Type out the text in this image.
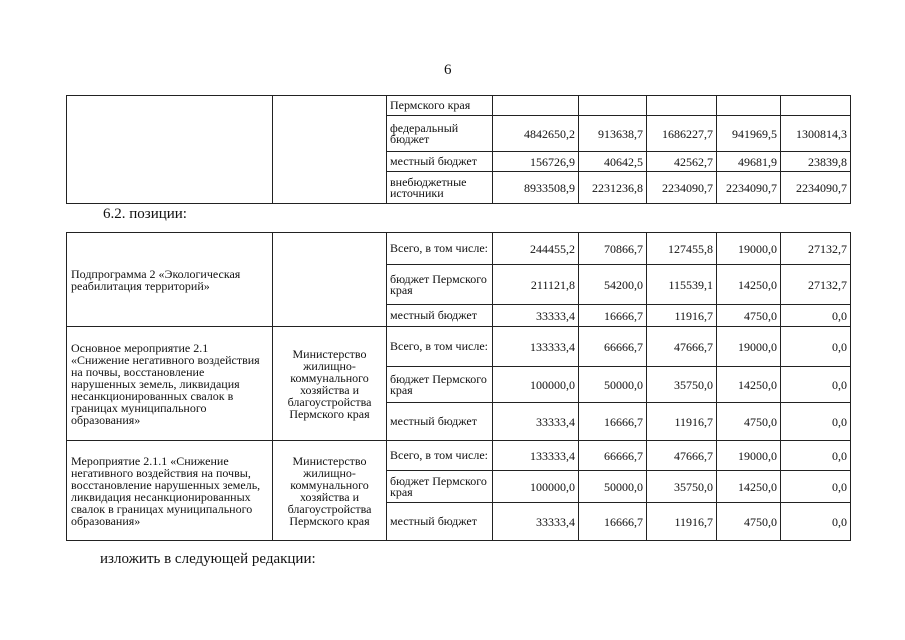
6
		Пермского края					
		федеральный бюджет	4842650,2	913638,7	1686227,7	941969,5	1300814,3
		местный бюджет	156726,9	40642,5	42562,7	49681,9	23839,8
		внебюджетные источники	8933508,9	2231236,8	2234090,7	2234090,7	2234090,7
6.2. позиции:
Подпрограмма 2 «Экологическая реабилитация территорий»		Всего, в том числе:	244455,2	70866,7	127455,8	19000,0	27132,7
		бюджет Пермского края	211121,8	54200,0	115539,1	14250,0	27132,7
		местный бюджет	33333,4	16666,7	11916,7	4750,0	0,0
Основное мероприятие 2.1 «Снижение негативного воздействия на почвы, восстановление нарушенных земель, ликвидация несанкционированных свалок в границах муниципального образования»	Министерство жилищно-коммунального хозяйства и благоустройства Пермского края	Всего, в том числе:	133333,4	66666,7	47666,7	19000,0	0,0
		бюджет Пермского края	100000,0	50000,0	35750,0	14250,0	0,0
		местный бюджет	33333,4	16666,7	11916,7	4750,0	0,0
Мероприятие 2.1.1 «Снижение негативного воздействия на почвы, восстановление нарушенных земель, ликвидация несанкционированных свалок в границах муниципального образования»	Министерство жилищно-коммунального хозяйства и благоустройства Пермского края	Всего, в том числе:	133333,4	66666,7	47666,7	19000,0	0,0
		бюджет Пермского края	100000,0	50000,0	35750,0	14250,0	0,0
		местный бюджет	33333,4	16666,7	11916,7	4750,0	0,0
изложить в следующей редакции:
